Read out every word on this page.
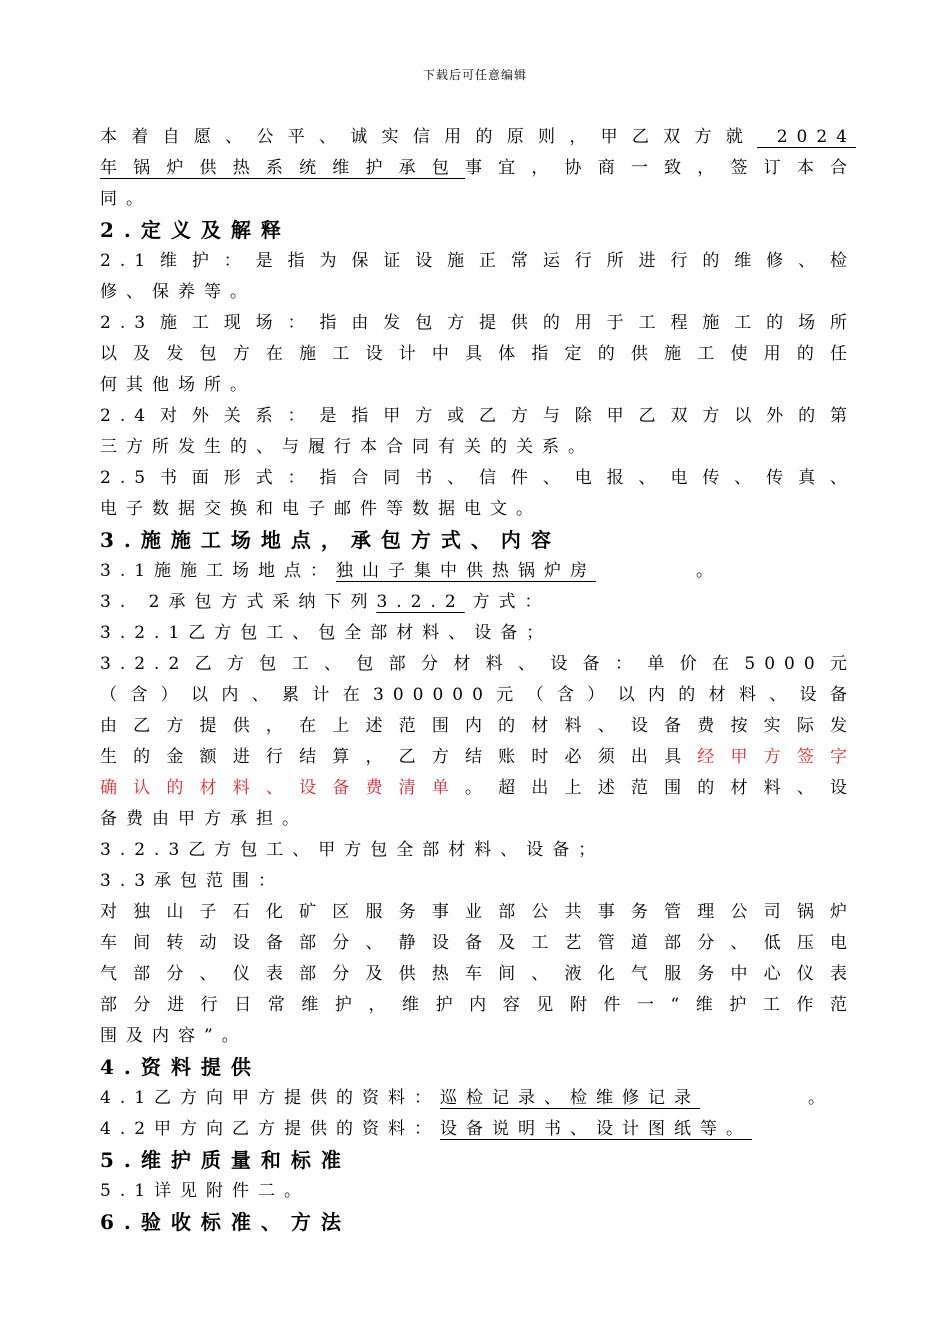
下载后可任意编辑
本着自愿、公平、诚实信用的原则，甲乙双方就 2024
年锅炉供热系统维护承包事宜，协商一致，签订本合
同。
2.定义及解释
2.1维护：是指为保证设施正常运行所进行的维修、检
修、保养等。
2.3施工现场：指由发包方提供的用于工程施工的场所
以及发包方在施工设计中具体指定的供施工使用的任
何其他场所。
2.4对外关系：是指甲方或乙方与除甲乙双方以外的第
三方所发生的、与履行本合同有关的关系。
2.5书面形式：指合同书、信件、电报、电传、传真、
电子数据交换和电子邮件等数据电文。
3.施施工场地点，承包方式、内容
3.1施施工场地点：独山子集中供热锅炉房	。
3. 2承包方式采纳下列3.2.2 方式：
3.2.1乙方包工、包全部材料、设备；
3.2.2乙方包工、包部分材料、设备：单价在5000元
（含）以内、累计在300000元（含）以内的材料、设备
由乙方提供，在上述范围内的材料、设备费按实际发
生的金额进行结算，乙方结账时必须出具经甲方签字
确认的材料、设备费清单。超出上述范围的材料、设
备费由甲方承担。
3.2.3乙方包工、甲方包全部材料、设备；
3.3承包范围：
对独山子石化矿区服务事业部公共事务管理公司锅炉
车间转动设备部分、静设备及工艺管道部分、低压电
气部分、仪表部分及供热车间、液化气服务中心仪表
部分进行日常维护，维护内容见附件一“维护工作范
围及内容”。
4.资料提供
4.1乙方向甲方提供的资料：巡检记录、检维修记录	。
4.2甲方向乙方提供的资料：设备说明书、设计图纸等。
5.维护质量和标准
5.1详见附件二。
6.验收标准、方法
